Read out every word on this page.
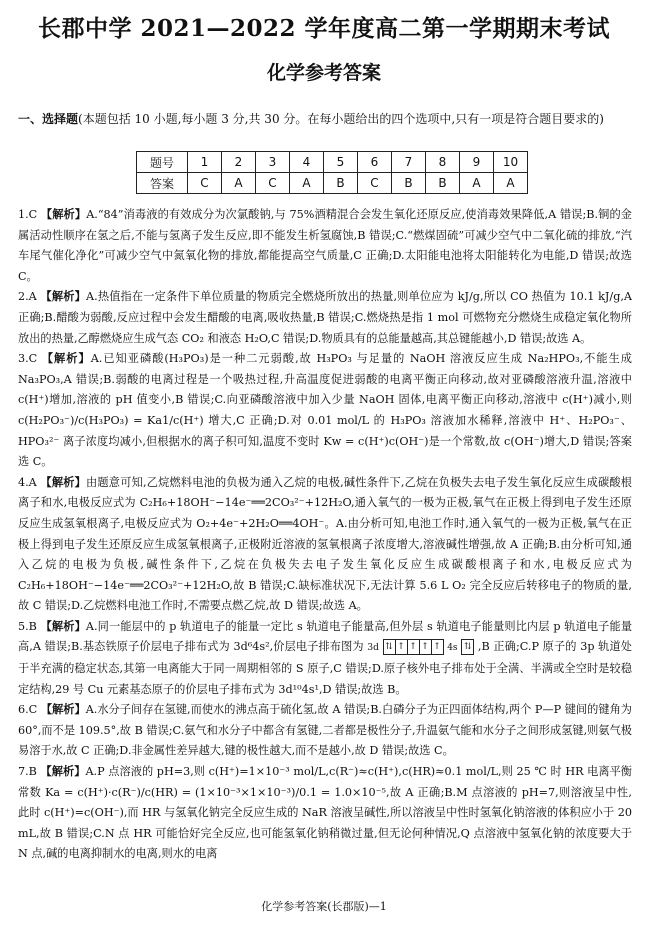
长郡中学 2021—2022 学年度高二第一学期期末考试
化学参考答案
一、选择题(本题包括 10 小题,每小题 3 分,共 30 分。在每小题给出的四个选项中,只有一项是符合题目要求的)
题号	1	2	3	4	5	6	7	8	9	10
答案	C	A	C	A	B	C	B	B	A	A

1.C 【解析】A.“84”消毒液的有效成分为次氯酸钠,与 75%酒精混合会发生氧化还原反应,使消毒效果降低,A 错误;B.铜的金属活动性顺序在氢之后,不能与氢离子发生反应,即不能发生析氢腐蚀,B 错误;C.“燃煤固硫”可减少空气中二氧化硫的排放,“汽车尾气催化净化”可减少空气中氮氧化物的排放,都能提高空气质量,C 正确;D.太阳能电池将太阳能转化为电能,D 错误;故选 C。

2.A 【解析】A.热值指在一定条件下单位质量的物质完全燃烧所放出的热量,则单位应为 kJ/g,所以 CO 热值为 10.1 kJ/g,A 正确;B.醋酸为弱酸,反应过程中会发生醋酸的电离,吸收热量,B 错误;C.燃烧热是指 1 mol 可燃物充分燃烧生成稳定氧化物所放出的热量,乙醇燃烧应生成气态 CO₂ 和液态 H₂O,C 错误;D.物质具有的总能量越高,其总键能越小,D 错误;故选 A。

3.C 【解析】A.已知亚磷酸(H₃PO₃)是一种二元弱酸,故 H₃PO₃ 与足量的 NaOH 溶液反应生成 Na₂HPO₃,不能生成 Na₃PO₃,A 错误;B.弱酸的电离过程是一个吸热过程,升高温度促进弱酸的电离平衡正向移动,故对亚磷酸溶液升温,溶液中 c(H⁺)增加,溶液的 pH 值变小,B 错误;C.向亚磷酸溶液中加入少量 NaOH 固体,电离平衡正向移动,溶液中 c(H⁺)减小,则 c(H₂PO₃⁻)/c(H₃PO₃) = Ka1/c(H⁺) 增大,C 正确;D.对 0.01 mol/L 的 H₃PO₃ 溶液加水稀释,溶液中 H⁺、H₂PO₃⁻、HPO₃²⁻ 离子浓度均减小,但根据水的离子积可知,温度不变时 Kw = c(H⁺)c(OH⁻)是一个常数,故 c(OH⁻)增大,D 错误;答案选 C。

4.A 【解析】由题意可知,乙烷燃料电池的负极为通入乙烷的电极,碱性条件下,乙烷在负极失去电子发生氧化反应生成碳酸根离子和水,电极反应式为 C₂H₆+18OH⁻−14e⁻══2CO₃²⁻+12H₂O,通入氧气的一极为正极,氧气在正极上得到电子发生还原反应生成氢氧根离子,电极反应式为 O₂+4e⁻+2H₂O══4OH⁻。A.由分析可知,电池工作时,通入氧气的一极为正极,氧气在正极上得到电子发生还原反应生成氢氧根离子,正极附近溶液的氢氧根离子浓度增大,溶液碱性增强,故 A 正确;B.由分析可知,通入乙烷的电极为负极,碱性条件下,乙烷在负极失去电子发生氧化反应生成碳酸根离子和水,电极反应式为 C₂H₆+18OH⁻−14e⁻══2CO₃²⁻+12H₂O,故 B 错误;C.缺标准状况下,无法计算 5.6 L O₂ 完全反应后转移电子的物质的量,故 C 错误;D.乙烷燃料电池工作时,不需要点燃乙烷,故 D 错误;故选 A。

5.B 【解析】A.同一能层中的 p 轨道电子的能量一定比 s 轨道电子能量高,但外层 s 轨道电子能量则比内层 p 轨道电子能量高,A 错误;B.基态铁原子价层电子排布式为 3d⁶4s²,价层电子排布图为 3d ⇅ ↑ ↑ ↑ ↑ 4s ⇅ ,B 正确;C.P 原子的 3p 轨道处于半充满的稳定状态,其第一电离能大于同一周期相邻的 S 原子,C 错误;D.原子核外电子排布处于全满、半满或全空时是较稳定结构,29 号 Cu 元素基态原子的价层电子排布式为 3d¹⁰4s¹,D 错误;故选 B。

6.C 【解析】A.水分子间存在氢键,而使水的沸点高于硫化氢,故 A 错误;B.白磷分子为正四面体结构,两个 P—P 键间的键角为 60°,而不是 109.5°,故 B 错误;C.氨气和水分子中都含有氢键,二者都是极性分子,升温氨气能和水分子之间形成氢键,则氨气极易溶于水,故 C 正确;D.非金属性差异越大,键的极性越大,而不是越小,故 D 错误;故选 C。

7.B 【解析】A.P 点溶液的 pH=3,则 c(H⁺)=1×10⁻³ mol/L,c(R⁻)≈c(H⁺),c(HR)≈0.1 mol/L,则 25 ℃ 时 HR 电离平衡常数 Ka = c(H⁺)·c(R⁻)/c(HR) = (1×10⁻³×1×10⁻³)/0.1 = 1.0×10⁻⁵,故 A 正确;B.M 点溶液的 pH=7,则溶液呈中性,此时 c(H⁺)=c(OH⁻),而 HR 与氢氧化钠完全反应生成的 NaR 溶液呈碱性,所以溶液呈中性时氢氧化钠溶液的体积应小于 20 mL,故 B 错误;C.N 点 HR 可能恰好完全反应,也可能氢氧化钠稍微过量,但无论何种情况,Q 点溶液中氢氧化钠的浓度要大于 N 点,碱的电离抑制水的电离,则水的电离

化学参考答案(长郡版)—1
